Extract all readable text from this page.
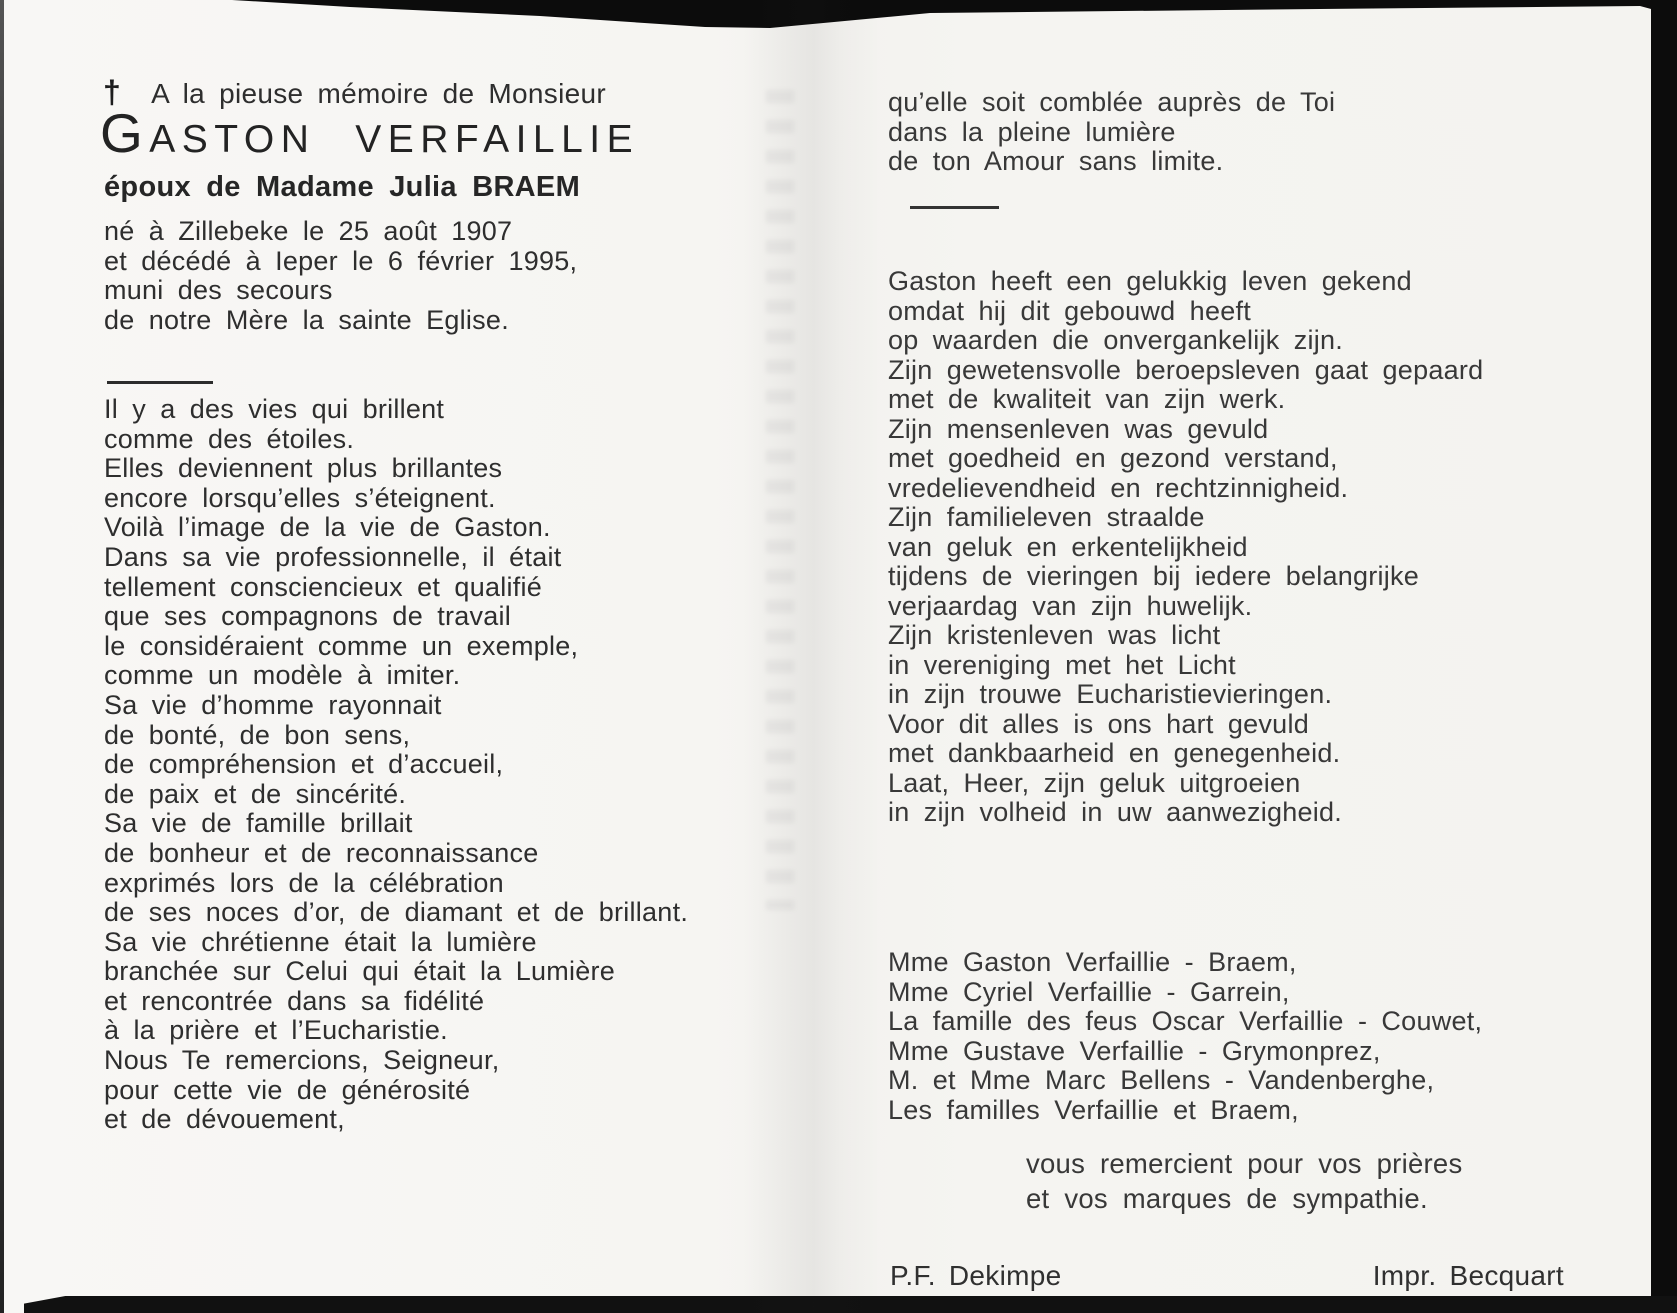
† A la pieuse mémoire de Monsieur
Gaston verfaillie
époux de Madame Julia BRAEM
né à Zillebeke le 25 août 1907
et décédé à Ieper le 6 février 1995,
muni des secours
de notre Mère la sainte Eglise.
Il y a des vies qui brillent
comme des étoiles.
Elles deviennent plus brillantes
encore lorsqu’elles s’éteignent.
Voilà l’image de la vie de Gaston.
Dans sa vie professionnelle, il était
tellement consciencieux et qualifié
que ses compagnons de travail
le considéraient comme un exemple,
comme un modèle à imiter.
Sa vie d’homme rayonnait
de bonté, de bon sens,
de compréhension et d’accueil,
de paix et de sincérité.
Sa vie de famille brillait
de bonheur et de reconnaissance
exprimés lors de la célébration
de ses noces d’or, de diamant et de brillant.
Sa vie chrétienne était la lumière
branchée sur Celui qui était la Lumière
et rencontrée dans sa fidélité
à la prière et l’Eucharistie.
Nous Te remercions, Seigneur,
pour cette vie de générosité
et de dévouement,
qu’elle soit comblée auprès de Toi
dans la pleine lumière
de ton Amour sans limite.
Gaston heeft een gelukkig leven gekend
omdat hij dit gebouwd heeft
op waarden die onvergankelijk zijn.
Zijn gewetensvolle beroepsleven gaat gepaard
met de kwaliteit van zijn werk.
Zijn mensenleven was gevuld
met goedheid en gezond verstand,
vredelievendheid en rechtzinnigheid.
Zijn familieleven straalde
van geluk en erkentelijkheid
tijdens de vieringen bij iedere belangrijke
verjaardag van zijn huwelijk.
Zijn kristenleven was licht
in vereniging met het Licht
in zijn trouwe Eucharistievieringen.
Voor dit alles is ons hart gevuld
met dankbaarheid en genegenheid.
Laat, Heer, zijn geluk uitgroeien
in zijn volheid in uw aanwezigheid.
Mme Gaston Verfaillie - Braem,
Mme Cyriel Verfaillie - Garrein,
La famille des feus Oscar Verfaillie - Couwet,
Mme Gustave Verfaillie - Grymonprez,
M. et Mme Marc Bellens - Vandenberghe,
Les familles Verfaillie et Braem,
vous remercient pour vos prières
et vos marques de sympathie.
P.F. Dekimpe	Impr. Becquart
